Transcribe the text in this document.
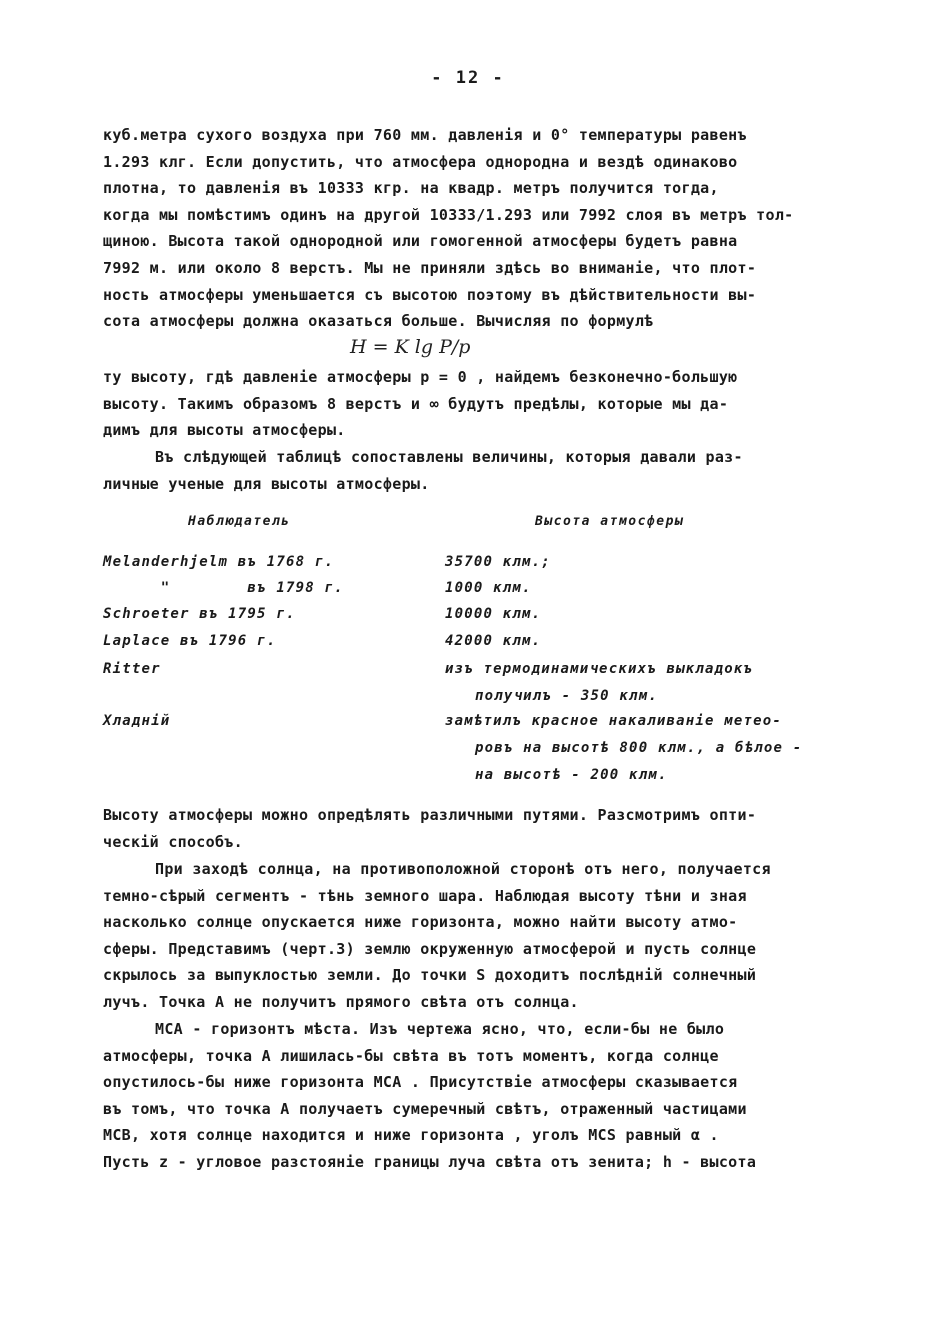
- 12 -
куб.метра сухого воздуха при 760 мм. давленія и 0° температуры равенъ
1.293 клг. Если допустить, что атмосфера однородна и вездѣ одинаково
плотна, то давленія въ 10333 кгр. на квадр. метръ получится тогда,
когда мы помѣстимъ одинъ на другой 10333/1.293 или 7992 слоя въ метръ тол-
щиною. Высота такой однородной или гомогенной атмосферы будетъ равна
7992 м. или около 8 верстъ. Мы не приняли здѣсь во вниманіе, что плот-
ность атмосферы уменьшается съ высотою поэтому въ дѣйствительности вы-
сота атмосферы должна оказаться больше. Вычисляя по формулѣ
H = K lg P/p
ту высоту, гдѣ давленіе атмосферы p = 0 , найдемъ безконечно-большую
высоту. Такимъ образомъ 8 верстъ и ∞ будутъ предѣлы, которые мы да-
димъ для высоты атмосферы.
Въ слѣдующей таблицѣ сопоставлены величины, которыя давали раз-
личные ученые для высоты атмосферы.
Наблюдатель	Высота атмосферы
Melanderhjelm въ 1768 г.	35700 клм.;
"        въ 1798 г.	1000 клм.
Schroeter въ 1795 г.	10000 клм.
Laplace въ 1796 г.	42000 клм.
Ritter	изъ термодинамическихъ выкладокъ
получилъ - 350 клм.
Хладній	замѣтилъ красное накаливаніе метео-
ровъ на высотѣ 800 клм., а бѣлое -
на высотѣ - 200 клм.
Высоту атмосферы можно опредѣлять различными путями. Разсмотримъ опти-
ческій способъ.
При заходѣ солнца, на противоположной сторонѣ отъ него, получается
темно-сѣрый сегментъ - тѣнь земного шара. Наблюдая высоту тѣни и зная
насколько солнце опускается ниже горизонта, можно найти высоту атмо-
сферы. Представимъ (черт.3) землю окруженную атмосферой и пусть солнце
скрылось за выпуклостью земли. До точки S доходитъ послѣдній солнечный
лучъ. Точка A не получитъ прямого свѣта отъ солнца.
MCA - горизонтъ мѣста. Изъ чертежа ясно, что, если-бы не было
атмосферы, точка A лишилась-бы свѣта въ тотъ моментъ, когда солнце
опустилось-бы ниже горизонта MCA . Присутствіе атмосферы сказывается
въ томъ, что точка A получаетъ сумеречный свѣтъ, отраженный частицами
MCB, хотя солнце находится и ниже горизонта , уголъ MCS равный α .
Пусть z - угловое разстояніе границы луча свѣта отъ зенита; h - высота
